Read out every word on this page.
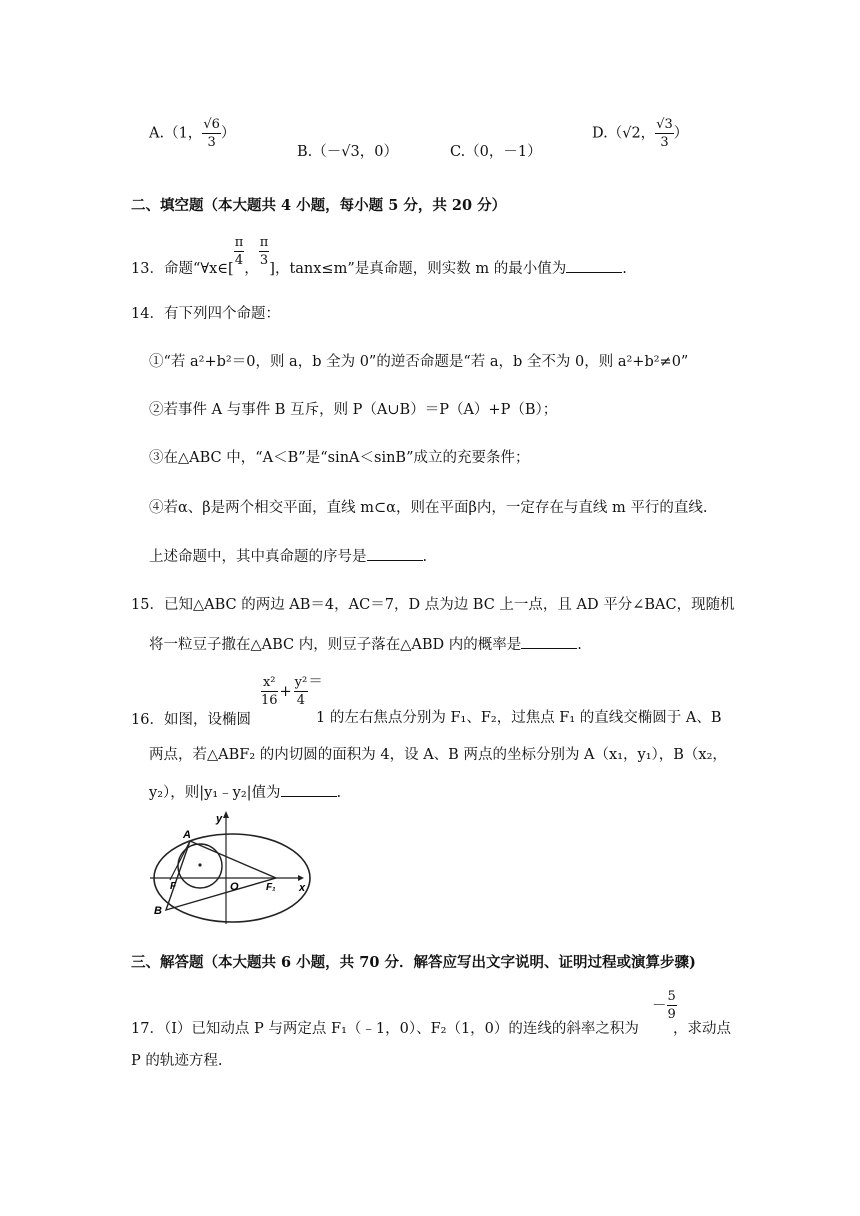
A.（1， $\frac{√6}{3}$ ）
B.（－√3，0）	C.（0，－1）
D.（√2， $\frac{√3}{3}$ ）
二、填空题（本大题共 4 小题，每小题 5 分，共 20 分）
13．命题“∀x∈[
$\frac{\pi}{4}$
，
$\frac{\pi}{3}$
]，tanx≤m”是真命题，则实数 m 的最小值为	.
14．有下列四个命题：
①“若 a²+b²＝0，则 a，b 全为 0”的逆否命题是“若 a，b 全不为 0，则 a²+b²≠0”
②若事件 A 与事件 B 互斥，则 P（A∪B）＝P（A）+P（B）；
③在△ABC 中，“A＜B”是“sinA＜sinB”成立的充要条件；
④若α、β是两个相交平面，直线 m⊂α，则在平面β内，一定存在与直线 m 平行的直线.
上述命题中，其中真命题的序号是	.
15．已知△ABC 的两边 AB＝4，AC＝7，D 点为边 BC 上一点，且 AD 平分∠BAC，现随机
将一粒豆子撒在△ABC 内，则豆子落在△ABD 内的概率是	.
16．如图，设椭圆
$\frac{\text{x²}}{16} + \frac{\text{y²}}{4}$ ＝
1 的左右焦点分别为 F₁、F₂，过焦点 F₁ 的直线交椭圆于 A、B
两点，若△ABF₂ 的内切圆的面积为 4，设 A、B 两点的坐标分别为 A（x₁，y₁），B（x₂，
y₂），则|y₁﹣y₂|值为	.
y
x
A
B
F	O	F₁
三、解答题（本大题共 6 小题，共 70 分．解答应写出文字说明、证明过程或演算步骤)
17．（Ⅰ）已知动点 P 与两定点 F₁（﹣1，0）、F₂（1，0）的连线的斜率之积为
－ $\frac{5}{9}$
，求动点
P 的轨迹方程.
